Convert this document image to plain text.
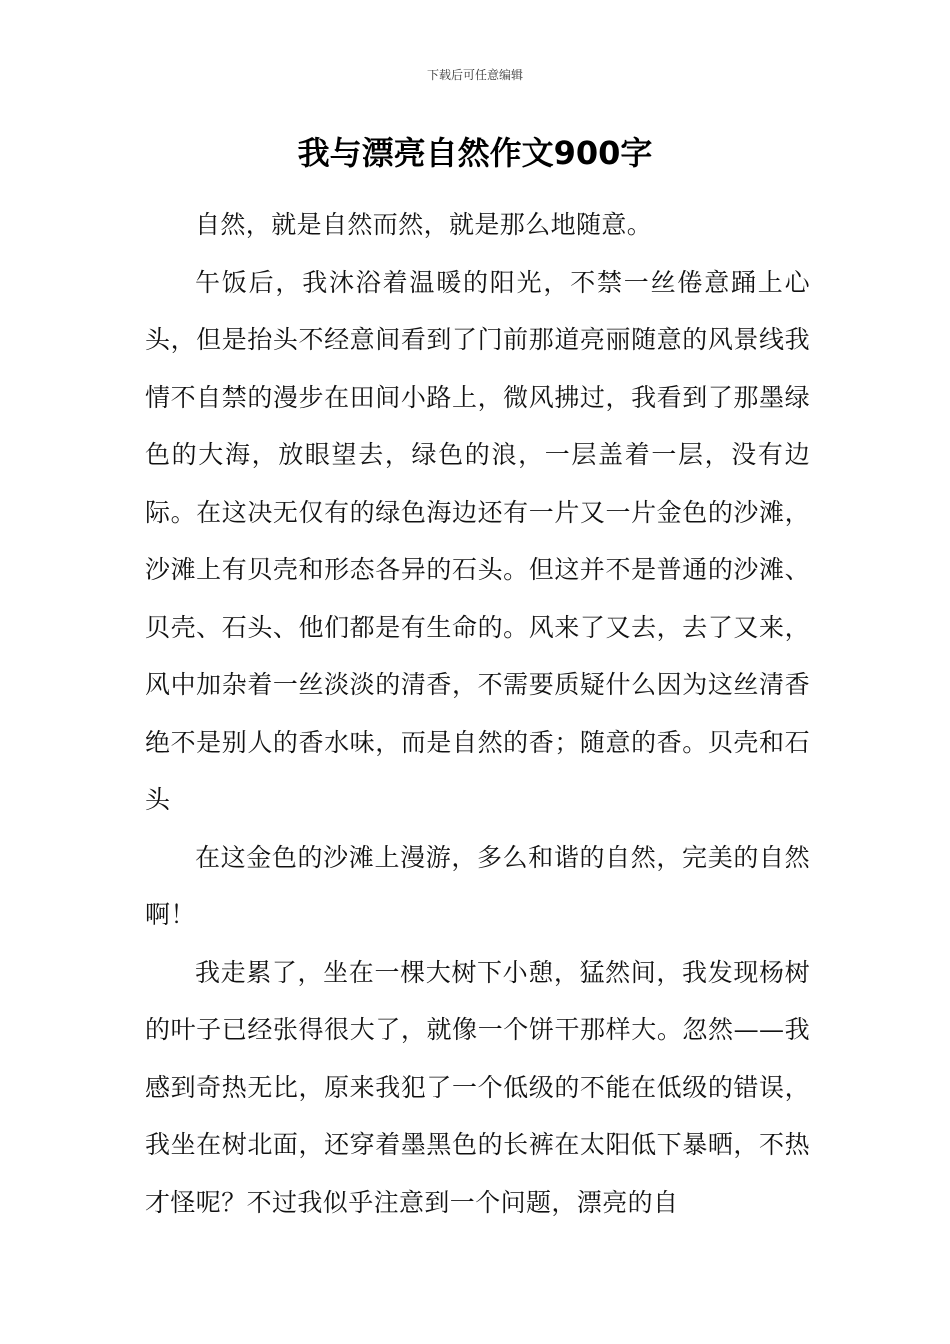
下载后可任意编辑
我与漂亮自然作文900字

自然，就是自然而然，就是那么地随意。

午饭后，我沐浴着温暖的阳光，不禁一丝倦意踊上心头，但是抬头不经意间看到了门前那道亮丽随意的风景线我情不自禁的漫步在田间小路上，微风拂过，我看到了那墨绿色的大海，放眼望去，绿色的浪，一层盖着一层，没有边际。在这决无仅有的绿色海边还有一片又一片金色的沙滩，沙滩上有贝壳和形态各异的石头。但这并不是普通的沙滩、贝壳、石头、他们都是有生命的。风来了又去，去了又来，风中加杂着一丝淡淡的清香，不需要质疑什么因为这丝清香绝不是别人的香水味，而是自然的香；随意的香。贝壳和石头

在这金色的沙滩上漫游，多么和谐的自然，完美的自然啊！

我走累了，坐在一棵大树下小憩，猛然间，我发现杨树的叶子已经张得很大了，就像一个饼干那样大。忽然——我感到奇热无比，原来我犯了一个低级的不能在低级的错误，我坐在树北面，还穿着墨黑色的长裤在太阳低下暴晒，不热才怪呢？不过我似乎注意到一个问题，漂亮的自
